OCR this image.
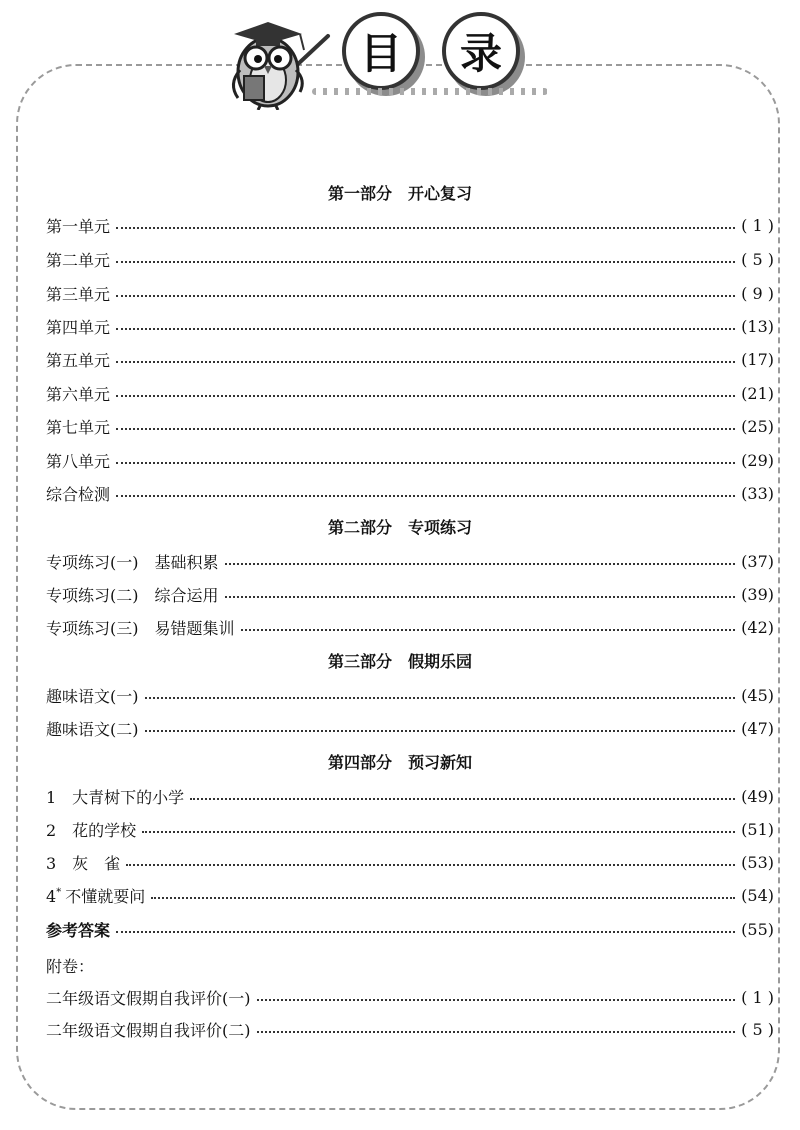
目	录
第一部分　开心复习
第一单元	( 1 )
第二单元	( 5 )
第三单元	( 9 )
第四单元	(13)
第五单元	(17)
第六单元	(21)
第七单元	(25)
第八单元	(29)
综合检测	(33)
第二部分　专项练习
专项练习(一)　基础积累	(37)
专项练习(二)　综合运用	(39)
专项练习(三)　易错题集训	(42)
第三部分　假期乐园
趣味语文(一)	(45)
趣味语文(二)	(47)
第四部分　预习新知
1　大青树下的小学	(49)
2　花的学校	(51)
3　灰　雀	(53)
4* 不懂就要问	(54)
参考答案	(55)
附卷：
二年级语文假期自我评价(一)	( 1 )
二年级语文假期自我评价(二)	( 5 )
